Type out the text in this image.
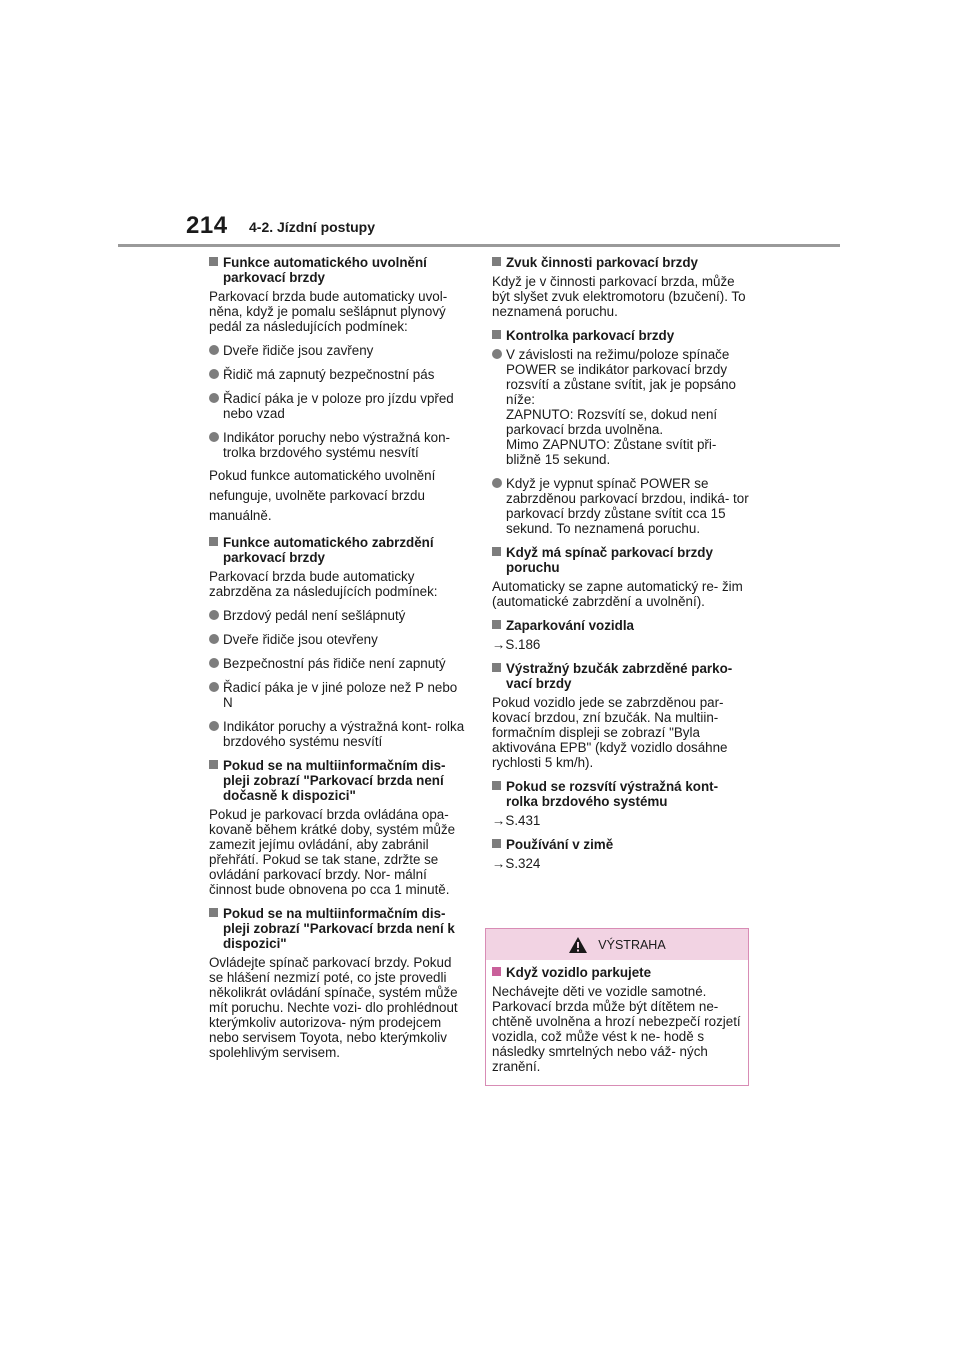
214 4-2. Jízdní postupy
Funkce automatického uvolnění parkovací brzdy
Parkovací brzda bude automaticky uvol- něna, když je pomalu sešlápnut plynový pedál za následujících podmínek:
Dveře řidiče jsou zavřeny
Řidič má zapnutý bezpečnostní pás
Řadicí páka je v poloze pro jízdu vpřed nebo vzad
Indikátor poruchy nebo výstražná kon- trolka brzdového systému nesvítí
Pokud funkce automatického uvolnění nefunguje, uvolněte parkovací brzdu manuálně.
Funkce automatického zabrzdění parkovací brzdy
Parkovací brzda bude automaticky zabrzděna za následujících podmínek:
Brzdový pedál není sešlápnutý
Dveře řidiče jsou otevřeny
Bezpečnostní pás řidiče není zapnutý
Řadicí páka je v jiné poloze než P nebo N
Indikátor poruchy a výstražná kont- rolka brzdového systému nesvítí
Pokud se na multiinformačním dis- pleji zobrazí "Parkovací brzda není dočasně k dispozici"
Pokud je parkovací brzda ovládána opa- kovaně během krátké doby, systém může zamezit jejímu ovládání, aby zabránil přehřátí. Pokud se tak stane, zdržte se ovládání parkovací brzdy. Nor- mální činnost bude obnovena po cca 1 minutě.
Pokud se na multiinformačním dis- pleji zobrazí "Parkovací brzda není k dispozici"
Ovládejte spínač parkovací brzdy. Pokud se hlášení nezmizí poté, co jste provedli několikrát ovládání spínače, systém může mít poruchu. Nechte vozi- dlo prohlédnout kterýmkoliv autorizova- ným prodejcem nebo servisem Toyota, nebo kterýmkoliv spolehlivým servisem.
Zvuk činnosti parkovací brzdy
Když je v činnosti parkovací brzda, může být slyšet zvuk elektromotoru (bzučení). To neznamená poruchu.
Kontrolka parkovací brzdy
V závislosti na režimu/poloze spínače POWER se indikátor parkovací brzdy rozsvítí a zůstane svítit, jak je popsáno níže:
ZAPNUTO: Rozsvítí se, dokud není parkovací brzda uvolněna.
Mimo ZAPNUTO: Zůstane svítit při- bližně 15 sekund.
Když je vypnut spínač POWER se zabrzděnou parkovací brzdou, indiká- tor parkovací brzdy zůstane svítit cca 15 sekund. To neznamená poruchu.
Když má spínač parkovací brzdy poruchu
Automaticky se zapne automatický re- žim (automatické zabrzdění a uvolnění).
Zaparkování vozidla
→S.186
Výstražný bzučák zabrzděné parko- vací brzdy
Pokud vozidlo jede se zabrzděnou par- kovací brzdou, zní bzučák. Na multiin- formačním displeji se zobrazí "Byla aktivována EPB" (když vozidlo dosáhne rychlosti 5 km/h).
Pokud se rozsvítí výstražná kont- rolka brzdového systému
→S.431
Používání v zimě
→S.324
VÝSTRAHA
Když vozidlo parkujete
Nechávejte děti ve vozidle samotné. Parkovací brzda může být dítětem ne- chtěně uvolněna a hrozí nebezpečí rozjetí vozidla, což může vést k ne- hodě s následky smrtelných nebo váž- ných zranění.
